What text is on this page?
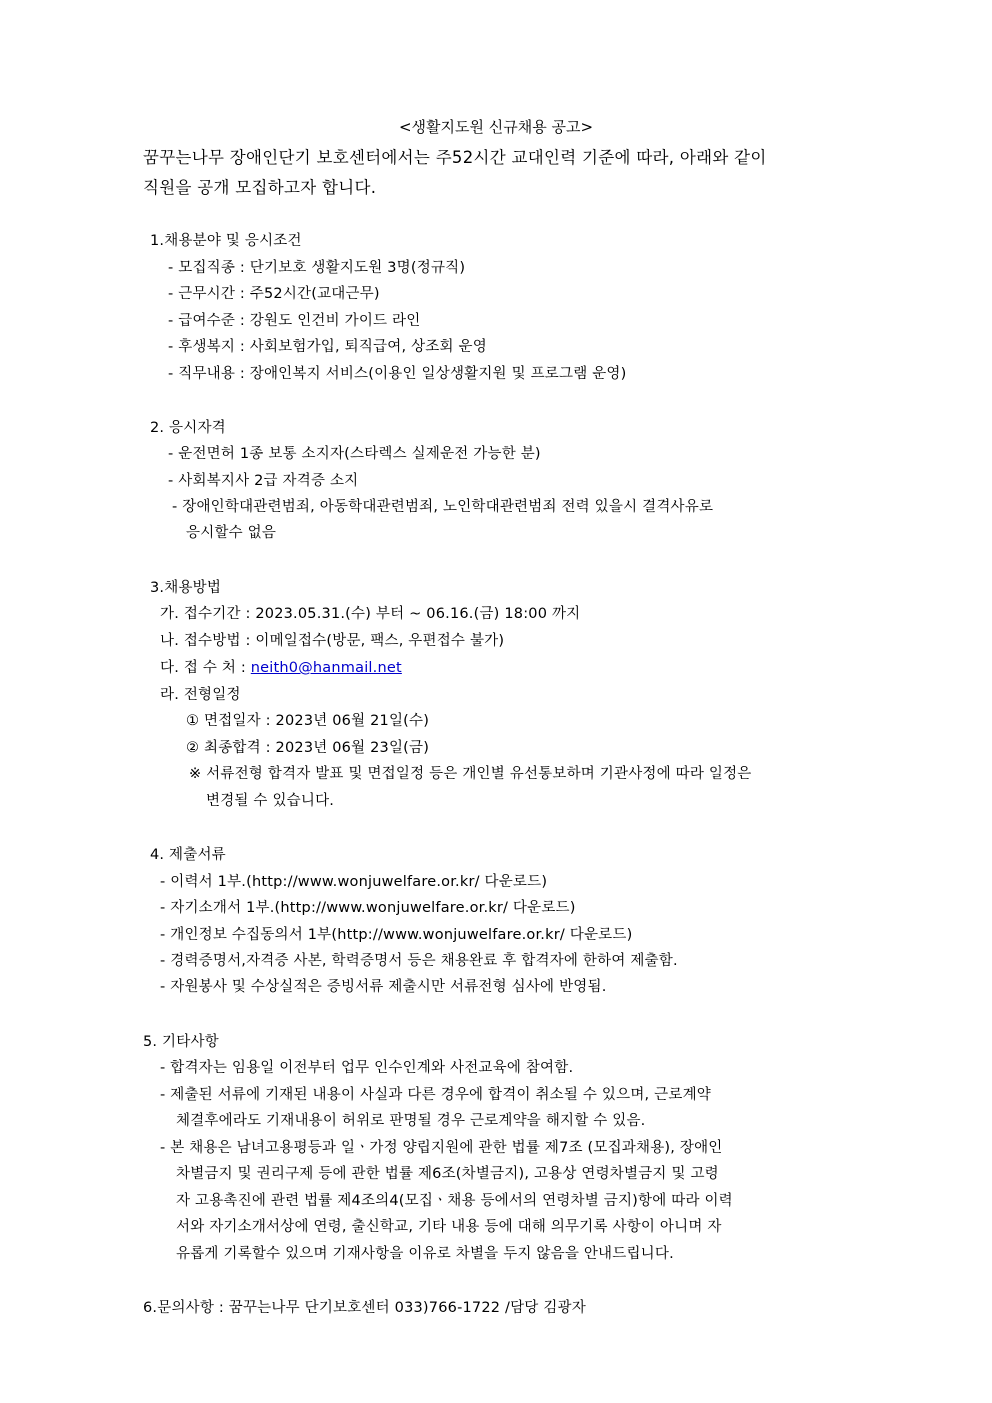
<생활지도원 신규채용 공고>
꿈꾸는나무 장애인단기 보호센터에서는 주52시간 교대인력 기준에 따라, 아래와 같이
직원을 공개 모집하고자 합니다.
1.채용분야 및 응시조건
- 모집직종 : 단기보호 생활지도원 3명(정규직)
- 근무시간 : 주52시간(교대근무)
- 급여수준 : 강원도 인건비 가이드 라인
- 후생복지 : 사회보험가입, 퇴직급여, 상조회 운영
- 직무내용 : 장애인복지 서비스(이용인 일상생활지원 및 프로그램 운영)
2. 응시자격
- 운전면허 1종 보통 소지자(스타렉스 실제운전 가능한 분)
- 사회복지사 2급 자격증 소지
- 장애인학대관련범죄, 아동학대관련범죄, 노인학대관련범죄 전력 있을시 결격사유로
응시할수 없음
3.채용방법
가. 접수기간 : 2023.05.31.(수) 부터 ~ 06.16.(금) 18:00 까지
나. 접수방법 : 이메일접수(방문, 팩스, 우편접수 불가)
다. 접 수 처 : neith0@hanmail.net
라. 전형일정
① 면접일자 : 2023년 06월 21일(수)
② 최종합격 : 2023년 06월 23일(금)
※ 서류전형 합격자 발표 및 면접일정 등은 개인별 유선통보하며 기관사정에 따라 일정은
변경될 수 있습니다.
4. 제출서류
- 이력서 1부.(http://www.wonjuwelfare.or.kr/ 다운로드)
- 자기소개서 1부.(http://www.wonjuwelfare.or.kr/ 다운로드)
- 개인정보 수집동의서 1부(http://www.wonjuwelfare.or.kr/ 다운로드)
- 경력증명서,자격증 사본, 학력증명서 등은 채용완료 후 합격자에 한하여 제출함.
- 자원봉사 및 수상실적은 증빙서류 제출시만 서류전형 심사에 반영됨.
5. 기타사항
- 합격자는 임용일 이전부터 업무 인수인계와 사전교육에 참여함.
- 제출된 서류에 기재된 내용이 사실과 다른 경우에 합격이 취소될 수 있으며, 근로계약
체결후에라도 기재내용이 허위로 판명될 경우 근로계약을 해지할 수 있음.
- 본 채용은 남녀고용평등과 일ㆍ가정 양립지원에 관한 법률 제7조 (모집과채용), 장애인
차별금지 및 권리구제 등에 관한 법률 제6조(차별금지), 고용상 연령차별금지 및 고령
자 고용촉진에 관련 법률 제4조의4(모집ㆍ채용 등에서의 연령차별 금지)항에 따라 이력
서와 자기소개서상에 연령, 출신학교, 기타 내용 등에 대해 의무기록 사항이 아니며 자
유롭게 기록할수 있으며 기재사항을 이유로 차별을 두지 않음을 안내드립니다.
6.문의사항 : 꿈꾸는나무 단기보호센터 033)766-1722 /담당 김광자
